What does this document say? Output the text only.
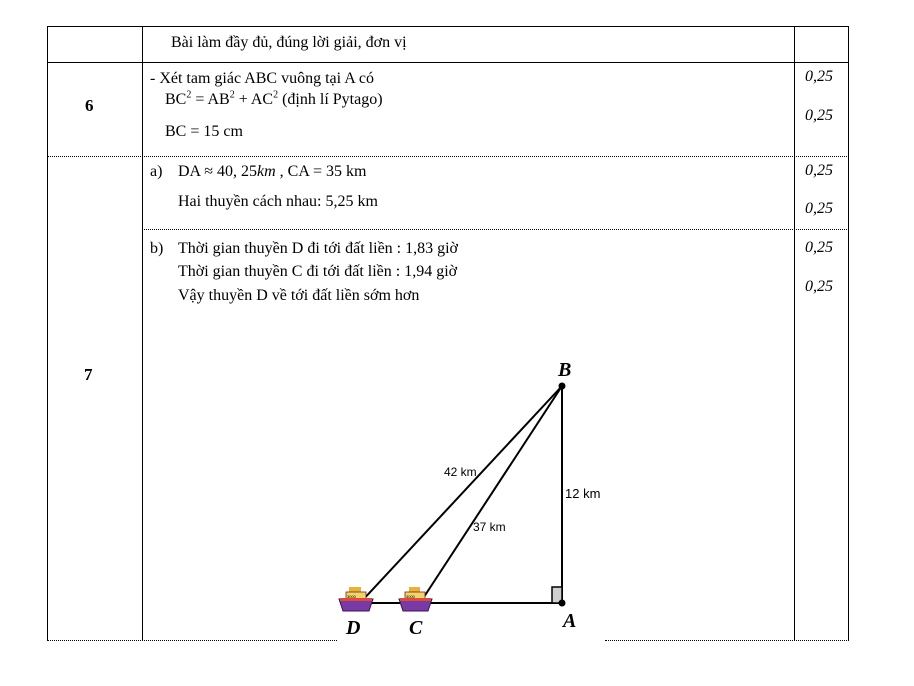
Bài làm đầy đủ, đúng lời giải, đơn vị
6
- Xét tam giác ABC vuông tại A có
$BC^2 = AB^2 + AC^2$ (định lí Pytago)
BC = 15 cm
0,25
0,25
7
a) DA ≈ 40, 25km , CA = 35 km
Hai thuyền cách nhau: 5,25 km
0,25
0,25
b) Thời gian thuyền D đi tới đất liền : 1,83 giờ
Thời gian thuyền C đi tới đất liền : 1,94 giờ
Vậy thuyền D về tới đất liền sớm hơn
0,25
0,25
3000	3000
B
A
C
D
42 km
37 km
12 km
